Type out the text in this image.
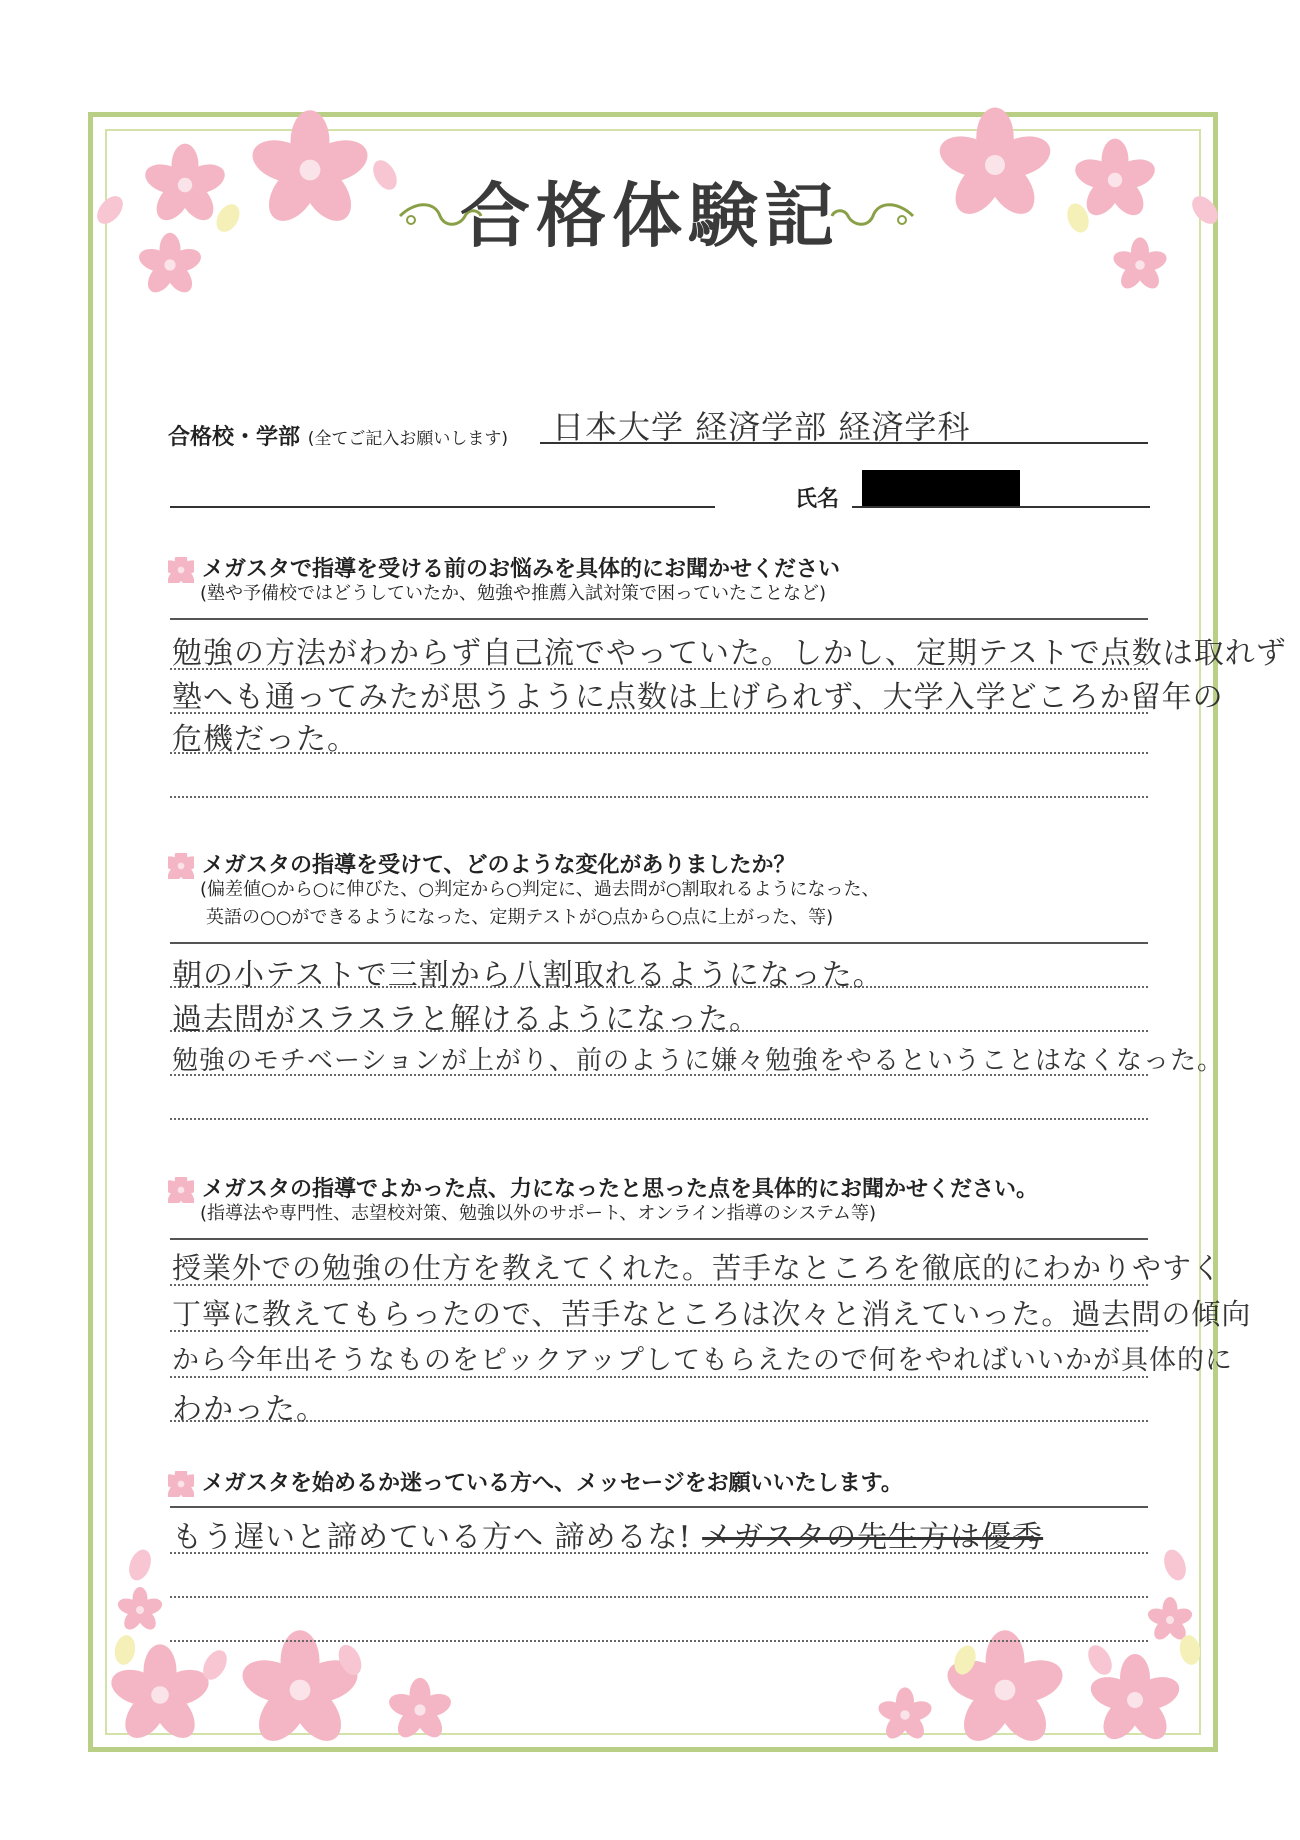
合格体験記
合格校・学部 (全てご記入お願いします) 日本大学 経済学部 経済学科
氏名
メガスタで指導を受ける前のお悩みを具体的にお聞かせください
(塾や予備校ではどうしていたか、勉強や推薦入試対策で困っていたことなど)
勉強の方法がわからず自己流でやっていた。しかし、定期テストで点数は取れず
塾へも通ってみたが思うように点数は上げられず、大学入学どころか留年の
危機だった。
メガスタの指導を受けて、どのような変化がありましたか？
(偏差値○から○に伸びた、○判定から○判定に、過去問が○割取れるようになった、
英語の○○ができるようになった、定期テストが○点から○点に上がった、等)
朝の小テストで三割から八割取れるようになった。
過去問がスラスラと解けるようになった。
勉強のモチベーションが上がり、前のように嫌々勉強をやるということはなくなった。
メガスタの指導でよかった点、力になったと思った点を具体的にお聞かせください。
(指導法や専門性、志望校対策、勉強以外のサポート、オンライン指導のシステム等)
授業外での勉強の仕方を教えてくれた。苦手なところを徹底的にわかりやすく
丁寧に教えてもらったので、苦手なところは次々と消えていった。過去問の傾向
から今年出そうなものをピックアップしてもらえたので何をやればいいかが具体的に
わかった。
メガスタを始めるか迷っている方へ、メッセージをお願いいたします。
もう遅いと諦めている方へ 諦めるな! メガスタの先生方は優秀
